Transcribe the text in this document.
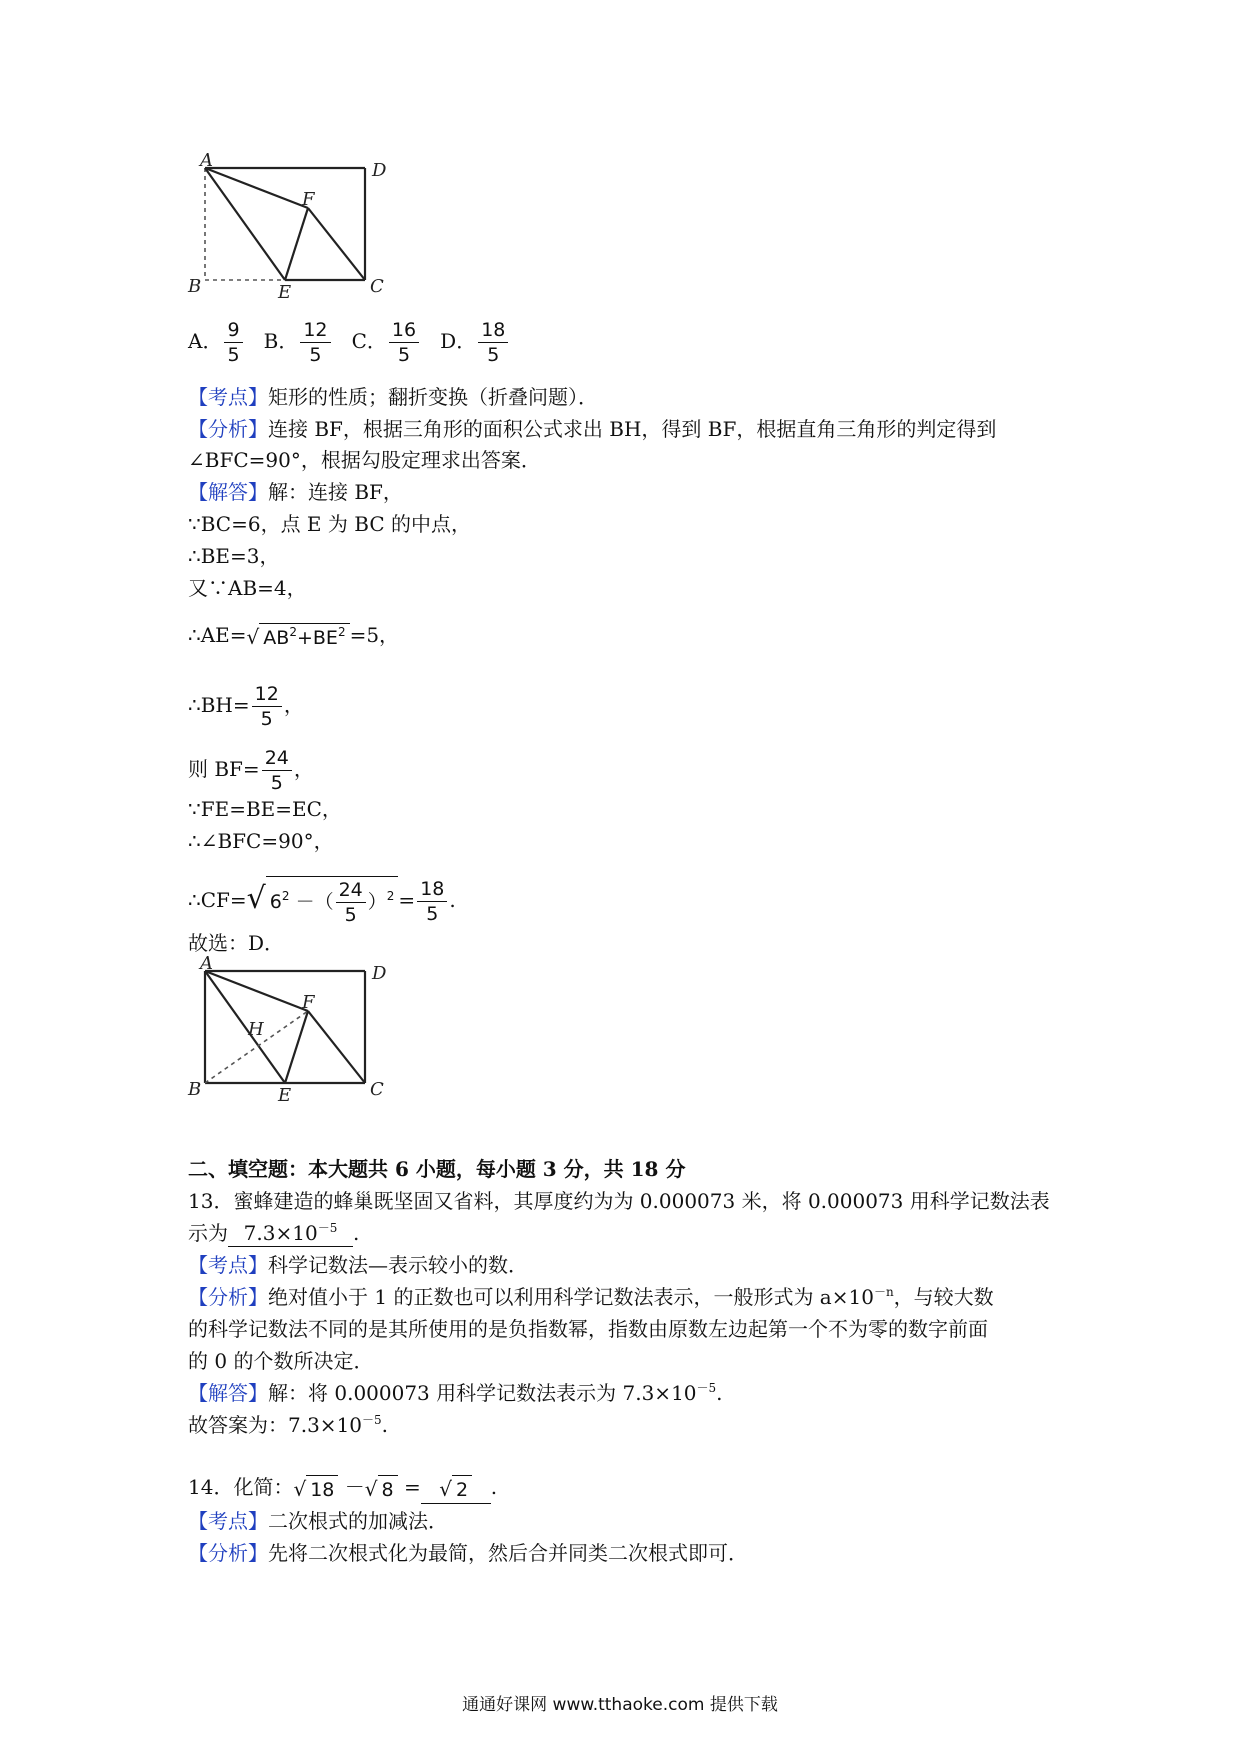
A	D
F
B	E	C
A． $\frac{9}{5}$ B． $\frac{12}{5}$ C． $\frac{16}{5}$ D． $\frac{18}{5}$
【考点】矩形的性质；翻折变换（折叠问题）．
【分析】连接 BF，根据三角形的面积公式求出 BH，得到 BF，根据直角三角形的判定得到
∠BFC=90°，根据勾股定理求出答案．
【解答】解：连接 BF，
∵BC=6，点 E 为 BC 的中点，
∴BE=3，
又∵AB=4，
∴AE=√ $AB^2+BE^2 =5$，
∴BH= $\frac{12}{5}$ ，
则 $BF= \frac{24}{5}$ ，
∵FE=BE=EC，
∴∠BFC=90°，
∴CF=√ $6^2$ －（ $\frac{24}{5} )^2 = \frac{18}{5}$ .
故选：D．
A	D
F
H
B	E	C
二、填空题：本大题共 6 小题，每小题 3 分，共 18 分
13．蜜蜂建造的蜂巢既坚固又省料，其厚度约为为 0.000073 米，将 0.000073 用科学记数法表
示为 $7.3\times 10^{-5}$ .
【考点】科学记数法—表示较小的数．
【分析】绝对值小于 1 的正数也可以利用科学记数法表示，一般形式为 $a\times 10^{-n}$，与较大数
的科学记数法不同的是其所使用的是负指数幂，指数由原数左边起第一个不为零的数字前面
的 0 的个数所决定．
【解答】解：将 0.000073 用科学记数法表示为 $7.3\times 10^{-5}$.
故答案为：$7.3\times 10^{-5}$.
14．化简：√ 18 －√ 8 = √ 2 .
【考点】二次根式的加减法．
【分析】先将二次根式化为最简，然后合并同类二次根式即可．
通通好课网 www.tthaoke.com 提供下载
